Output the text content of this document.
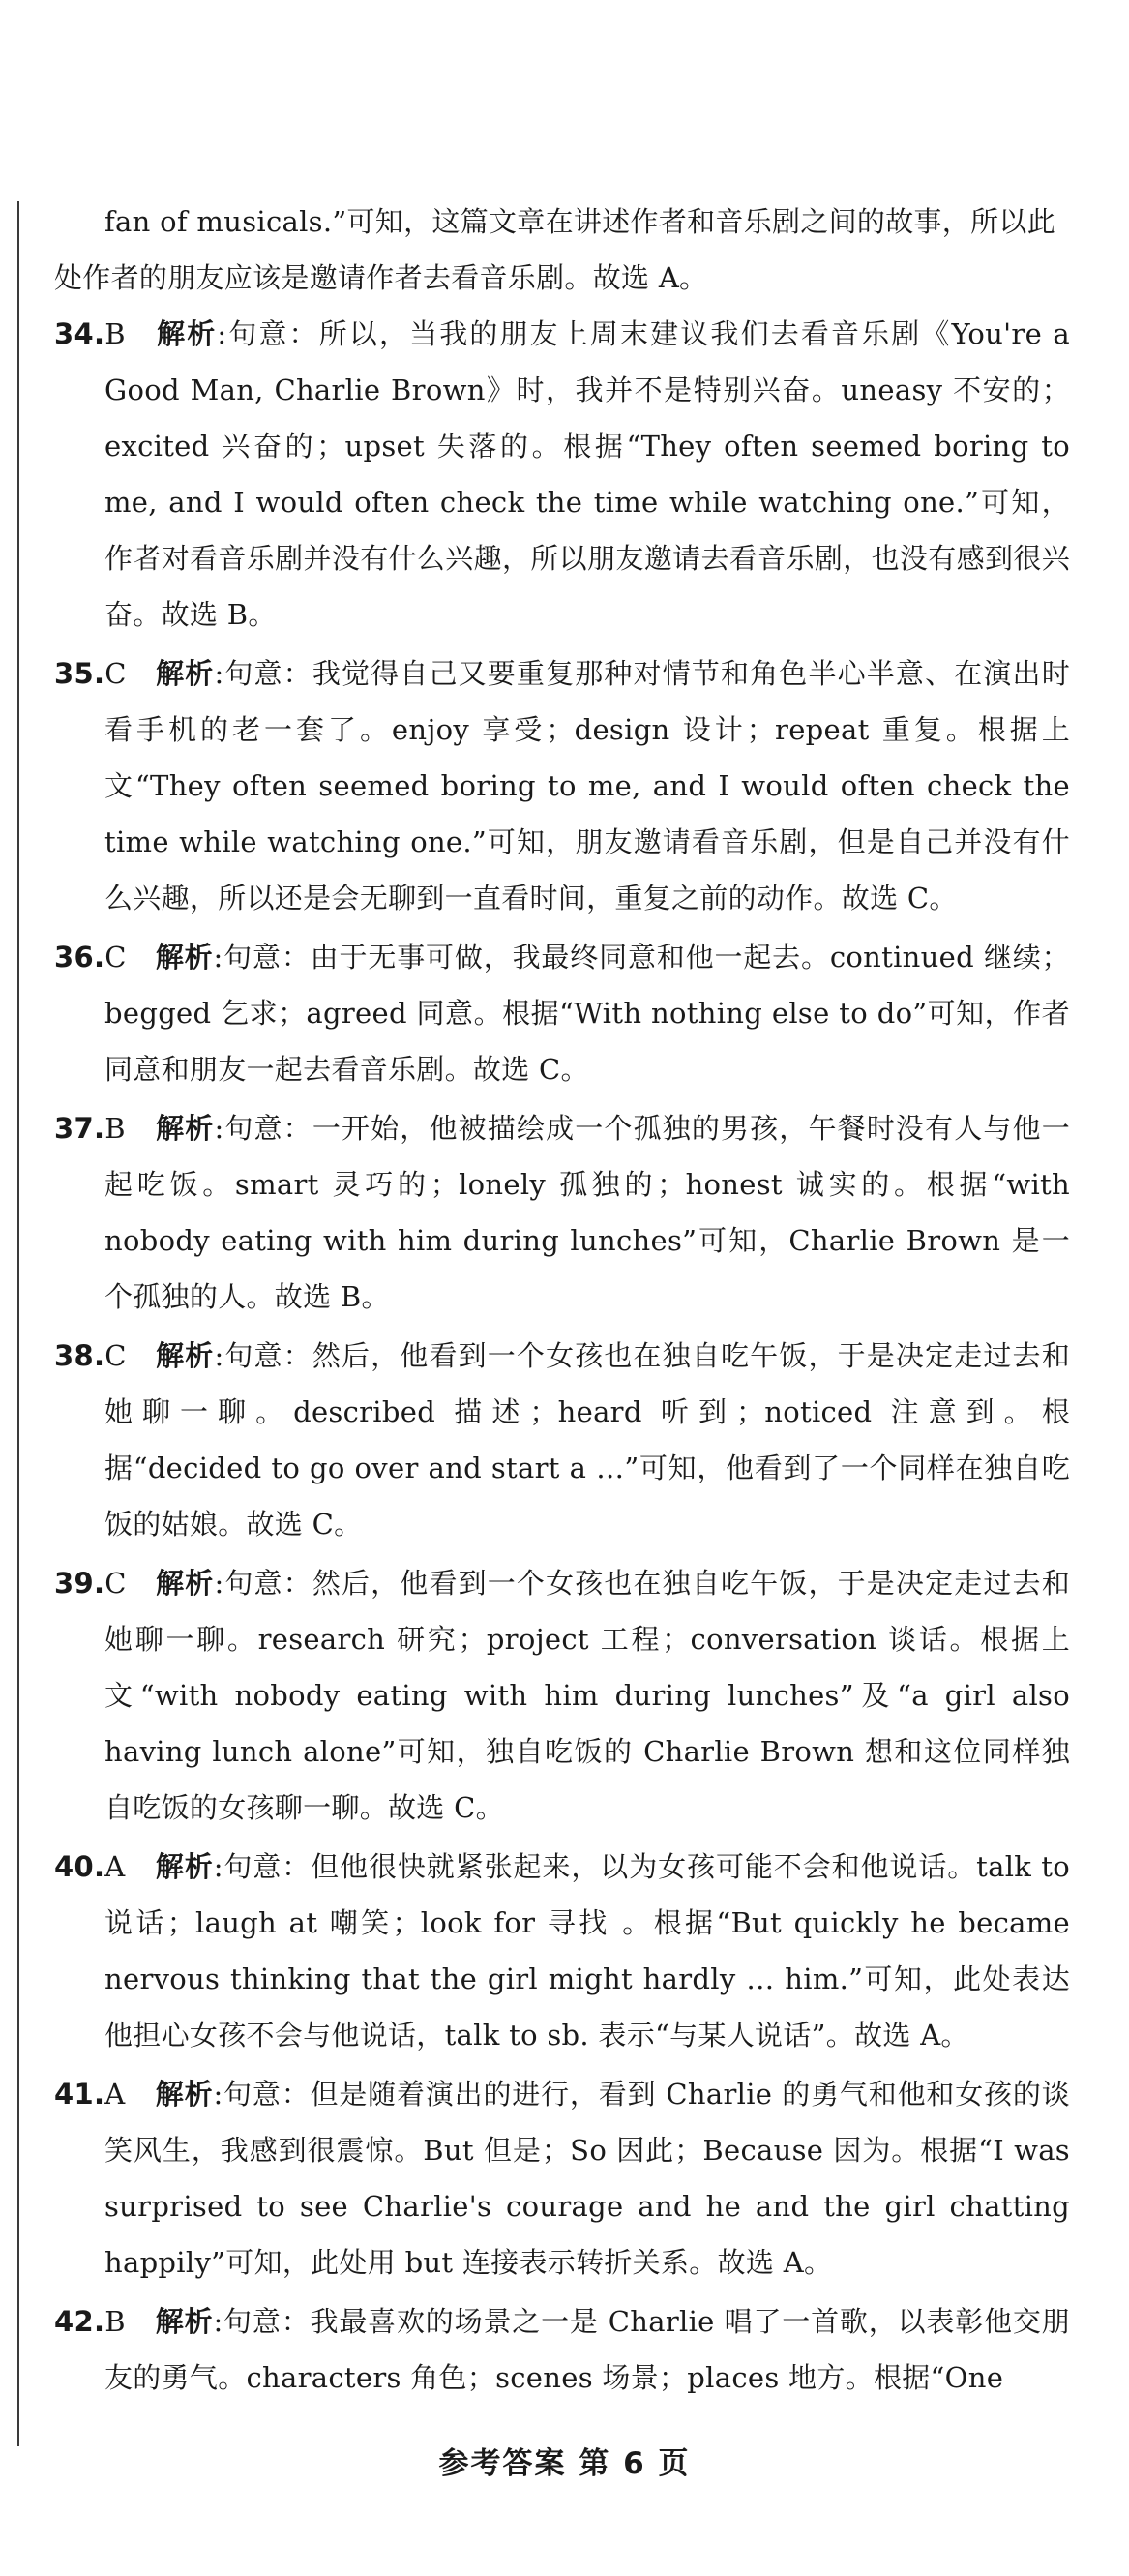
fan of musicals.”可知，这篇文章在讲述作者和音乐剧之间的故事，所以此处作者的朋友应该是邀请作者去看音乐剧。故选 A。

34.B 解析:句意：所以，当我的朋友上周末建议我们去看音乐剧《You're a Good Man, Charlie Brown》时，我并不是特别兴奋。uneasy 不安的；excited 兴奋的；upset 失落的。根据“They often seemed boring to me, and I would often check the time while watching one.”可知，作者对看音乐剧并没有什么兴趣，所以朋友邀请去看音乐剧，也没有感到很兴奋。故选 B。

35.C 解析:句意：我觉得自己又要重复那种对情节和角色半心半意、在演出时看手机的老一套了。enjoy 享受；design 设计；repeat 重复。根据上文“They often seemed boring to me, and I would often check the time while watching one.”可知，朋友邀请看音乐剧，但是自己并没有什么兴趣，所以还是会无聊到一直看时间，重复之前的动作。故选 C。

36.C 解析:句意：由于无事可做，我最终同意和他一起去。continued 继续；begged 乞求；agreed 同意。根据“With nothing else to do”可知，作者同意和朋友一起去看音乐剧。故选 C。

37.B 解析:句意：一开始，他被描绘成一个孤独的男孩，午餐时没有人与他一起吃饭。smart 灵巧的；lonely 孤独的；honest 诚实的。根据“with nobody eating with him during lunches”可知，Charlie Brown 是一个孤独的人。故选 B。

38.C 解析:句意：然后，他看到一个女孩也在独自吃午饭，于是决定走过去和她聊一聊。described 描述；heard 听到；noticed 注意到。根据“decided to go over and start a …”可知，他看到了一个同样在独自吃饭的姑娘。故选 C。

39.C 解析:句意：然后，他看到一个女孩也在独自吃午饭，于是决定走过去和她聊一聊。research 研究；project 工程；conversation 谈话。根据上文“with nobody eating with him during lunches”及“a girl also having lunch alone”可知，独自吃饭的 Charlie Brown 想和这位同样独自吃饭的女孩聊一聊。故选 C。

40.A 解析:句意：但他很快就紧张起来，以为女孩可能不会和他说话。talk to 说话；laugh at 嘲笑；look for 寻找 。根据“But quickly he became nervous thinking that the girl might hardly … him.”可知，此处表达他担心女孩不会与他说话，talk to sb. 表示“与某人说话”。故选 A。

41.A 解析:句意：但是随着演出的进行，看到 Charlie 的勇气和他和女孩的谈笑风生，我感到很震惊。But 但是；So 因此；Because 因为。根据“I was surprised to see Charlie's courage and he and the girl chatting happily”可知，此处用 but 连接表示转折关系。故选 A。

42.B 解析:句意：我最喜欢的场景之一是 Charlie 唱了一首歌，以表彰他交朋友的勇气。characters 角色；scenes 场景；places 地方。根据“One

参考答案 第 6 页
